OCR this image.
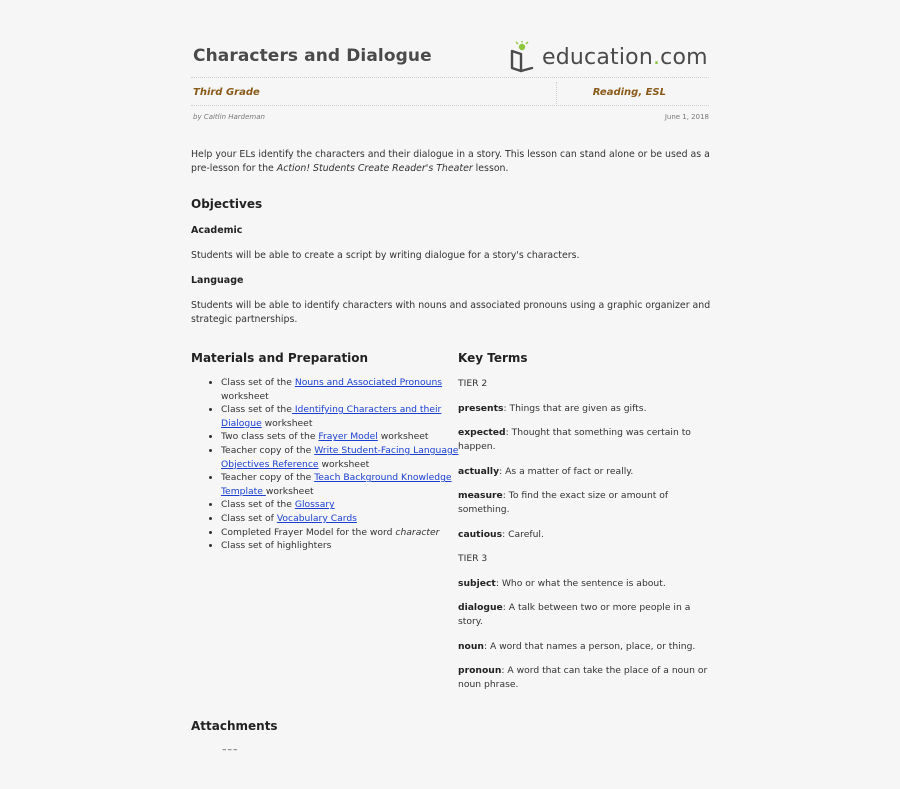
Characters and Dialogue	education.com
Third Grade	Reading, ESL
by Caitlin Hardeman	June 1, 2018
Help your ELs identify the characters and their dialogue in a story. This lesson can stand alone or be used as a pre-lesson for the Action! Students Create Reader's Theater lesson.
Objectives
Academic
Students will be able to create a script by writing dialogue for a story's characters.
Language
Students will be able to identify characters with nouns and associated pronouns using a graphic organizer and strategic partnerships.
Materials and Preparation
• Class set of the Nouns and Associated Pronouns worksheet
• Class set of the Identifying Characters and their Dialogue worksheet
• Two class sets of the Frayer Model worksheet
• Teacher copy of the Write Student-Facing Language Objectives Reference worksheet
• Teacher copy of the Teach Background Knowledge Template worksheet
• Class set of the Glossary
• Class set of Vocabulary Cards
• Completed Frayer Model for the word character
• Class set of highlighters
Key Terms
TIER 2
presents: Things that are given as gifts.
expected: Thought that something was certain to happen.
actually: As a matter of fact or really.
measure: To find the exact size or amount of something.
cautious: Careful.
TIER 3
subject: Who or what the sentence is about.
dialogue: A talk between two or more people in a story.
noun: A word that names a person, place, or thing.
pronoun: A word that can take the place of a noun or noun phrase.
Attachments
–––
